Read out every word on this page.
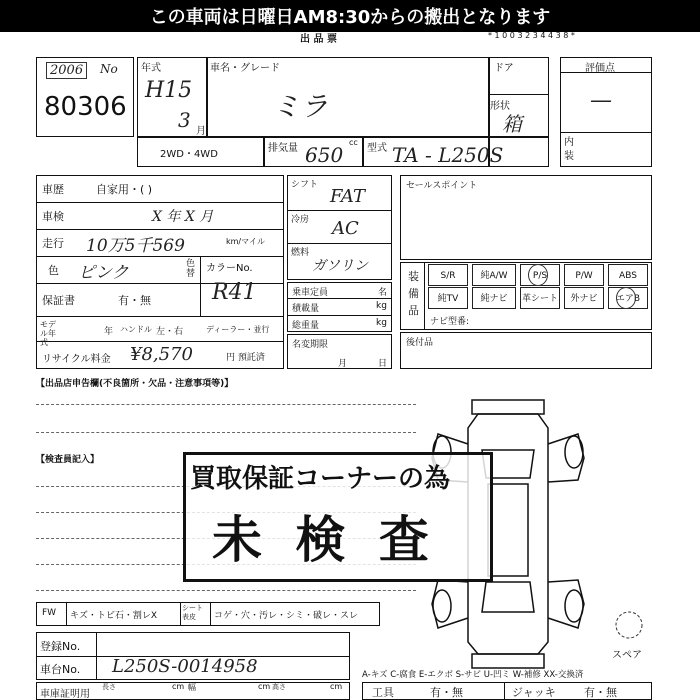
この車両は日曜日AM8:30からの搬出となります
出 品 票	* 1 0 0 3 2 3 4 4 3 8 *
2006	No
80306
年式
H15
3 月
車名・グレード
ミラ
ドア
形状
箱
2WD・4WD
排気量 650
cc
型式 TA - L250S
評価点
—
内装
車歴	自家用・( )
車検	X 年 X 月
走行 10万5千569	km/マイル
色 ピンク	色替 カラーNo.
R41
保証書	有・無
モデル年式
年 ハンドル 左・右	ディーラー・並行
リサイクル料金 ¥8,570	円 預託済
シフト
FAT
冷房 AC
燃料
ガソリン
乗車定員	名
積載量	kg
総重量	kg
名変期限
月	日
セールスポイント
装備品
S/R	純A/W	P/S	P/W	ABS
純TV	純ナビ	革シート	外ナビ	エアB
ナビ型番:
後付品
【出品店申告欄(不良箇所・欠品・注意事項等)】
【検査員記入】
買取保証コーナーの為
未 検 査
FW キズ・トビ石・割レX
シート表皮	コゲ・穴・汚レ・シミ・破レ・スレ
登録No.
車台No. L250S-0014958
車庫証明用
長さ	cm 幅	cm 高さ	cm
スペア
A-キズ C-腐食 E-エクボ S-サビ U-凹ミ W-補修 XX-交換済
工具	有・無	ジャッキ	有・無
